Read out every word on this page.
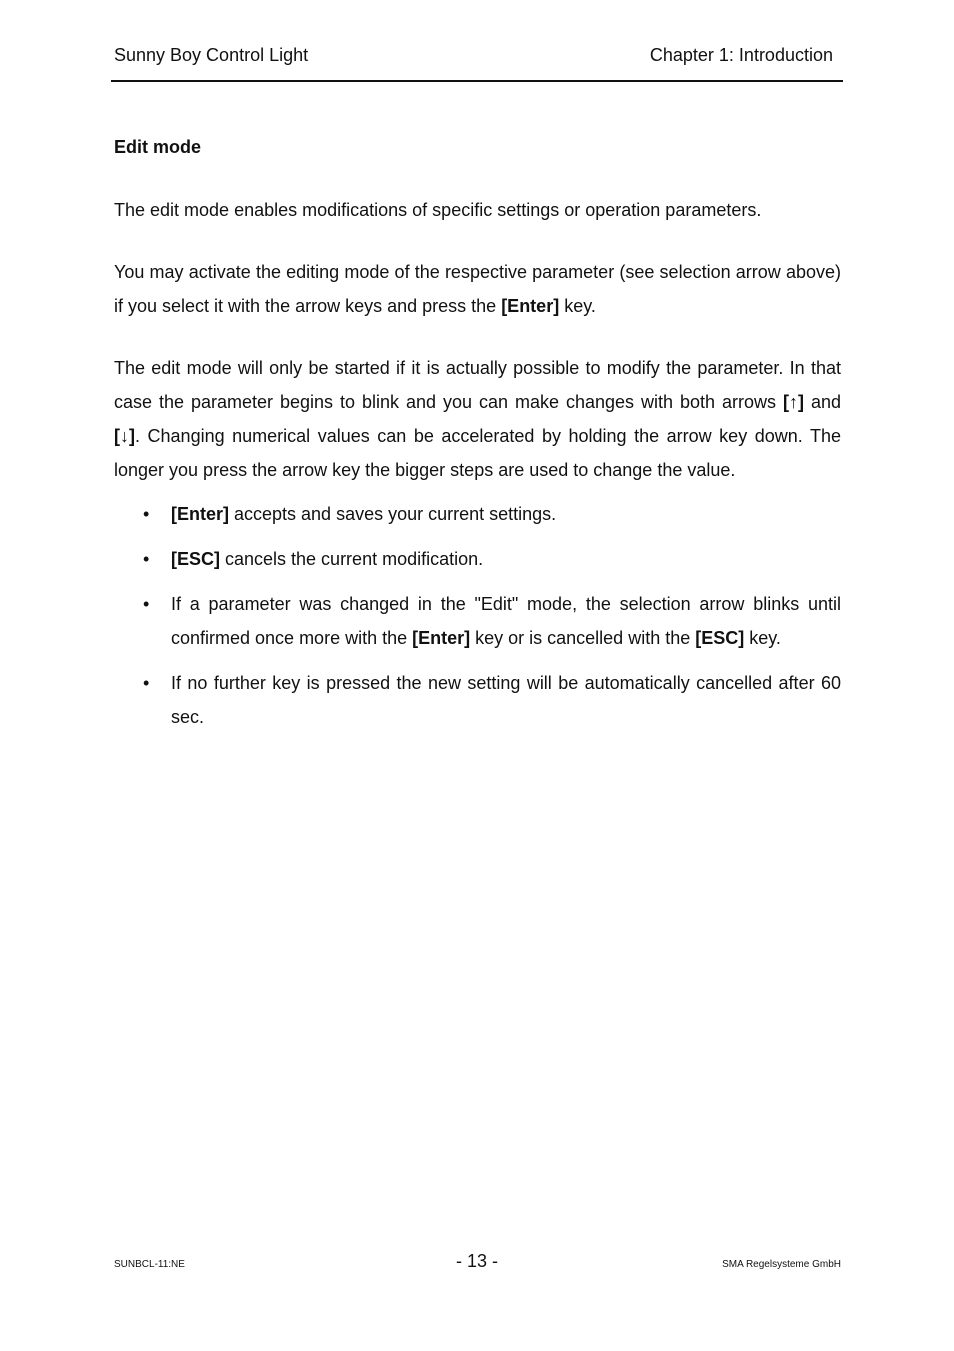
Sunny Boy Control Light	Chapter 1: Introduction
Edit mode
The edit mode enables modifications of specific settings or operation parameters.
You may activate the editing mode of the respective parameter (see selection arrow above) if you select it with the arrow keys and press the [Enter] key.
The edit mode will only be started if it is actually possible to modify the parameter. In that case the parameter begins to blink and you can make changes with both arrows [↑] and [↓]. Changing numerical values can be accelerated by holding the arrow key down. The longer you press the arrow key the bigger steps are used to change the value.
• [Enter] accepts and saves your current settings.
• [ESC] cancels the current modification.
• If a parameter was changed in the "Edit" mode, the selection arrow blinks until confirmed once more with the [Enter] key or is cancelled with the [ESC] key.
• If no further key is pressed the new setting will be automatically cancelled after 60 sec.
SUNBCL-11:NE	- 13 -	SMA Regelsysteme GmbH
